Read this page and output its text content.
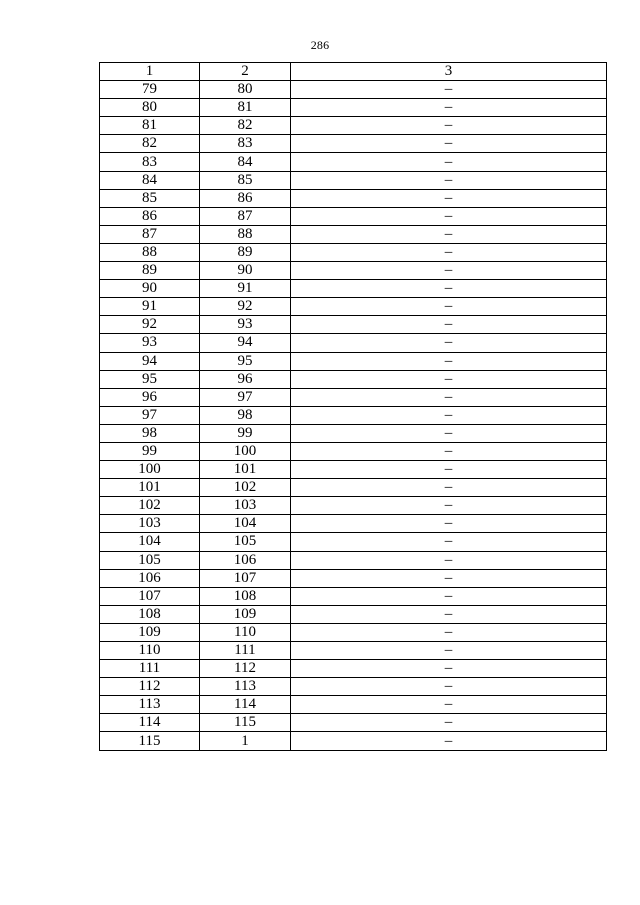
286
1	2	3
79	80	–
80	81	–
81	82	–
82	83	–
83	84	–
84	85	–
85	86	–
86	87	–
87	88	–
88	89	–
89	90	–
90	91	–
91	92	–
92	93	–
93	94	–
94	95	–
95	96	–
96	97	–
97	98	–
98	99	–
99	100	–
100	101	–
101	102	–
102	103	–
103	104	–
104	105	–
105	106	–
106	107	–
107	108	–
108	109	–
109	110	–
110	111	–
111	112	–
112	113	–
113	114	–
114	115	–
115	1	–
